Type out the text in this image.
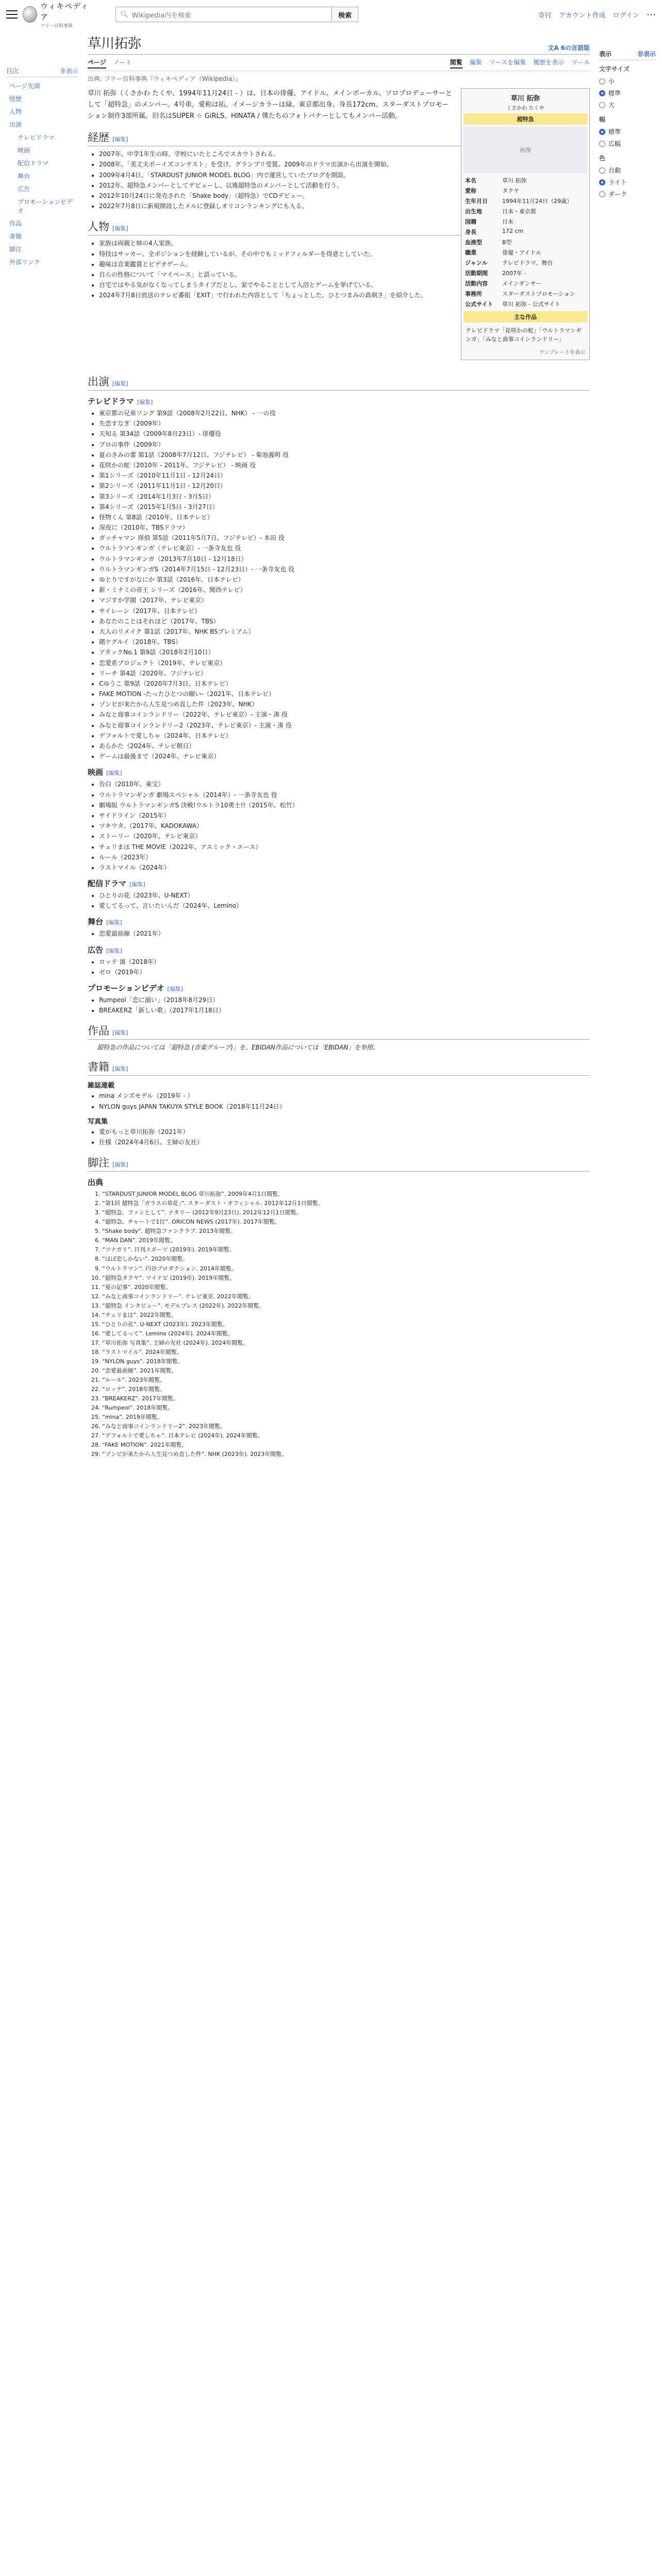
ウィキペディア
フリー百科事典
🔍︎ Wikipedia内を検索	検索	寄付 アカウント作成 ログイン ⋯
目次	非表示
ページ先頭
経歴
人物
出演
テレビドラマ
映画
配信ドラマ
舞台
広告
プロモーションビデオ
作品
書籍
脚注
外部リンク
草川拓弥	文A 6の言語版
ページ ノート	閲覧 編集 ソースを編集 履歴を表示 ツール
出典: フリー百科事典『ウィキペディア（Wikipedia）』
草川 拓弥
くさかわ たくや
超特急
画像
本名	草川 拓弥
愛称	タクヤ
生年月日	1994年11月24日（29歳）
出生地	日本・東京都
国籍	日本
身長	172 cm
血液型	B型
職業	俳優・アイドル
ジャンル	テレビドラマ、舞台
活動期間	2007年 -
活動内容	メインダンサー
事務所	スターダストプロモーション
公式サイト	草川 拓弥 - 公式サイト
主な作品
テレビドラマ「花咲かの蛇」「ウルトラマンギンガ」「みなと商事コインランドリー」
テンプレートを表示

草川 拓弥（くさかわ たくや、1994年11月24日 - ）は、日本の俳優、アイドル。メインボーカル、ソロプロデューサーとして「超特急」のメンバー。4号車。愛称は拓。イメージカラーは緑。東京都出身。身長172cm。スターダストプロモーション制作3部所属。旧名はSUPER ☆ GiRLS、HINATA / 僕たちのフォトバナーとしてもメンバー活動。

経歴 [編集]
• 2007年、中学1年生の時、学校にいたところでスカウトされる。
• 2008年、「美丈夫ボーイズコンテスト」を受け、グランプリ受賞。2009年のドラマ出演から出演を開始。
• 2009年4月4日、「STARDUST JUNIOR MODEL BLOG」内で運営していたブログを開設。
• 2012年、超特急メンバーとしてデビューし、以後超特急のメンバーとして活動を行う。
• 2012年10月24日に発売された「Shake body」（超特急）でCDデビュー。
• 2022年7月8日に新規開設したメルに登録しオリコンランキングにも入る。
人物 [編集]
• 家族は両親と姉の4人家族。
• 特技はサッカー。全ポジションを経験しているが、その中でもミッドフィルダーを得意としていた。
• 趣味は音楽鑑賞とビデオゲーム。
• 自らの性格について「マイペース」と語っている。
• 自宅ではやる気がなくなってしまうタイプだとし、家でやることとして入浴とゲームを挙げている。
• 2024年7月8日放送のテレビ番組「EXIT」で行われた内容として「ちょっとした、ひとつまみの真剣さ」を紹介した。
出演 [編集]
テレビドラマ [編集]
• 東京都の兄弟ソング 第9話（2008年2月22日、NHK） - 一の役
• 失恋すなぎ（2009年）
• 天知る 第34話（2009年8月23日）- 俳優役
• プロの事件（2009年）
• 夏のきみの蕾 第1話（2008年7月12日、フジテレビ） - 菊池義明 役
• 花咲かの蛇（2010年 - 2011年、フジテレビ） - 映画 役
• 第1シリーズ（2010年11月1日 - 12月24日）
• 第2シリーズ（2011年11月1日 - 12月20日）
• 第3シリーズ（2014年1月3日 - 3月5日）
• 第4シリーズ（2015年1月5日 - 3月27日）
• 怪物くん 第8話（2010年、日本テレビ）
• 深夜に（2010年、TBSドラマ）
• ガッチャマン 探偵 第5話（2011年5月7日、フジテレビ）- 本田 役
• ウルトラマンギンガ（テレビ東京）- 一条寺友也 役
• ウルトラマンギンガ（2013年7月10日 - 12月18日）
• ウルトラマンギンガS（2014年7月15日 - 12月23日）- 一条寺友也 役
• ゆとりですがなにか 第3話（2016年、日本テレビ）
• 新・ミナミの帝王 シリーズ（2016年、関西テレビ）
• マジすか学園（2017年、テレビ東京）
• サイレーン（2017年、日本テレビ）
• あなたのことはそれほど（2017年、TBS）
• 大人のリメイク 第1話（2017年、NHK BSプレミアム）
• 賭ケグルイ（2018年、TBS）
• アタックNo.1 第9話（2018年2月10日）
• 恋愛系プロジェクト（2019年、テレビ東京）
• リーチ 第4話（2020年、フジテレビ）
• Cゆうこ 第9話（2020年7月3日、日本テレビ）
• FAKE MOTION -たったひとつの願い-（2021年、日本テレビ）
• ゾンビが来たから人生見つめ直した件（2023年、NHK）
• みなと商事コインランドリー（2022年、テレビ東京）- 主演・湊 役
• みなと商事コインランドリー2（2023年、テレビ東京）- 主演・湊 役
• デフォルトで愛しちゃ（2024年、日本テレビ）
• あらかた（2024年、テレビ朝日）
• ゲームは最後まで（2024年、テレビ東京）
映画 [編集]
• 告白（2010年、東宝）
• ウルトラマンギンガ 劇場スペシャル（2014年）- 一条寺友也 役
• 劇場版 ウルトラマンギンガS 決戦!ウルトラ10勇士!!（2015年、松竹）
• サイドライン（2015年）
• ツキウタ。（2017年、KADOKAWA）
• ストーリー（2020年、テレビ東京）
• チェリまほ THE MOVIE（2022年、アスミック・エース）
• ルール（2023年）
• ラストマイル（2024年）
配信ドラマ [編集]
• ひとりの花（2023年、U-NEXT）
• 愛してるって、言いたいんだ（2024年、Lemino）
舞台 [編集]
• 恋愛最前線（2021年）
広告 [編集]
• ロッテ 演（2018年）
• ゼロ（2019年）
プロモーションビデオ [編集]
• Rumpeol「恋に溺い」（2018年8月29日）
• BREAKERZ「新しい歌」（2017年1月18日）
作品 [編集]
超特急の作品については「超特急 (音楽グループ)」を、EBIDAN作品については「EBIDAN」を参照。
書籍 [編集]
雑誌連載
• mina メンズモデル（2019年 - ）
• NYLON guys JAPAN TAKUYA STYLE BOOK（2018年11月24日）
写真集
• 愛がもっと草川拓弥（2021年）
• 仕様（2024年4月6日、主婦の友社）
脚注 [編集]
出典
1. “STARDUST JUNIOR MODEL BLOG 草川拓弥”. 2009年4月1日閲覧。
2. “第1回 超特急「ガラスの草花」”. スターダスト・オフィシャル. 2012年12月1日閲覧。
3. “超特急、ファンとして”. ナタリー (2012年9月23日). 2012年12月1日閲覧。
4. “超特急、チャートで1位”. ORICON NEWS (2017年). 2017年閲覧。
5. “Shake body”. 超特急ファンクラブ. 2013年閲覧。
6. “MAN DAN”. 2019年閲覧。
7. “ツナガリ”. 日刊スポーツ (2019年). 2019年閲覧。
8. “ほぼ恋しかない”. 2020年閲覧。
9. “ウルトラマン”. 円谷プロダクション. 2014年閲覧。
10. “超特急タクヤ”. マイナビ (2019年). 2019年閲覧。
11. “夏の記事”. 2020年閲覧。
12. “みなと商事コインランドリー”. テレビ東京. 2022年閲覧。
13. “超特急 インタビュー”. モデルプレス (2022年). 2022年閲覧。
14. “チェリまほ”. 2022年閲覧。
15. “ひとりの花”. U-NEXT (2023年). 2023年閲覧。
16. “愛してるって”. Lemino (2024年). 2024年閲覧。
17. “草川拓弥 写真集”. 主婦の友社 (2024年). 2024年閲覧。
18. “ラストマイル”. 2024年閲覧。
19. “NYLON guys”. 2018年閲覧。
20. “恋愛最前線”. 2021年閲覧。
21. “ルール”. 2023年閲覧。
22. “ロッテ”. 2018年閲覧。
23. “BREAKERZ”. 2017年閲覧。
24. “Rumpeol”. 2018年閲覧。
25. “mina”. 2019年閲覧。
26. “みなと商事コインランドリー2”. 2023年閲覧。
27. “デフォルトで愛しちゃ”. 日本テレビ (2024年). 2024年閲覧。
28. “FAKE MOTION”. 2021年閲覧。
29. “ゾンビが来たから人生見つめ直した件”. NHK (2023年). 2023年閲覧。
表示	非表示
文字サイズ
小
標準
大
幅
標準
広幅
色
自動
ライト
ダーク
